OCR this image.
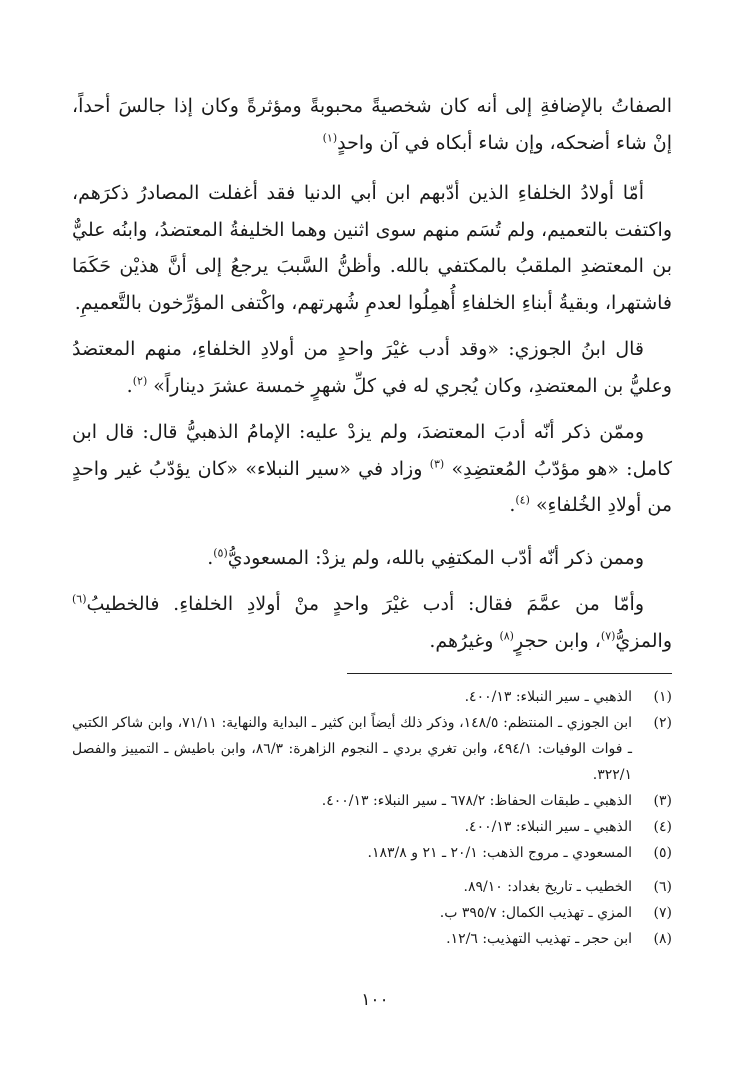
الصفاتُ بالإضافةِ إلى أنه كان شخصيةً محبوبةً ومؤثرةً وكان إذا جالسَ أحداً، إنْ شاء أضحكه، وإن شاء أبكاه في آن واحدٍ$^{(١)}$

أمّا أولادُ الخلفاءِ الذين أدّبهم ابن أبي الدنيا فقد أغفلت المصادرُ ذكرَهم، واكتفت بالتعميم، ولم تُسَم منهم سوى اثنين وهما الخليفةُ المعتضدُ، وابنُه عليٌّ بن المعتضدِ الملقبُ بالمكتفي بالله. وأظنُّ السَّببَ يرجعُ إلى أنَّ هذيْن حَكَمَا فاشتهرا، وبقيةُ أبناءِ الخلفاءِ أُهمِلُوا لعدمِ شُهرتهم، واكْتفى المؤرِّخون بالتَّعميمِ.

قال ابنُ الجوزي: «وقد أدب غيْرَ واحدٍ من أولادِ الخلفاءِ، منهم المعتضدُ وعليُّ بن المعتضدِ، وكان يُجري له في كلِّ شهرٍ خمسة عشرَ ديناراً» $^{(٢)}$.

وممّن ذكر أنّه أدبَ المعتضدَ، ولم يزدْ عليه: الإمامُ الذهبيُّ قال: قال ابن كامل: «هو مؤدّبُ المُعتضِدِ» $^{(٣)}$ وزاد في «سير النبلاء» «كان يؤدّبُ غير واحدٍ من أولادِ الخُلفاءِ» $^{(٤)}$.

وممن ذكر أنّه أدّب المكتفِي بالله، ولم يزدْ: المسعوديُّ$^{(٥)}$.

وأمّا من عمَّمَ فقال: أدب غيْرَ واحدٍ منْ أولادِ الخلفاءِ. فالخطيبُ$^{(٦)}$ والمزيُّ$^{(٧)}$، وابن حجرٍ$^{(٨)}$ وغيرُهم.

(١)
الذهبي ـ سير النبلاء: ٤٠٠/١٣.
(٢)
ابن الجوزي ـ المنتظم: ١٤٨/٥، وذكر ذلك أيضاً ابن كثير ـ البداية والنهاية: ٧١/١١، وابن شاكر الكتبي ـ فوات الوفيات: ٤٩٤/١، وابن تغري بردي ـ النجوم الزاهرة: ٨٦/٣، وابن باطيش ـ التمييز والفصل ٣٢٢/١.
(٣)
الذهبي ـ طبقات الحفاظ: ٦٧٨/٢ ـ سير النبلاء: ٤٠٠/١٣.
(٤)
الذهبي ـ سير النبلاء: ٤٠٠/١٣.
(٥)
المسعودي ـ مروج الذهب: ٢٠/١ ـ ٢١ و ١٨٣/٨.
(٦)
الخطيب ـ تاريخ بغداد: ٨٩/١٠.
(٧)
المزي ـ تهذيب الكمال: ٣٩٥/٧ ب.
(٨)
ابن حجر ـ تهذيب التهذيب: ١٢/٦.
١٠٠
